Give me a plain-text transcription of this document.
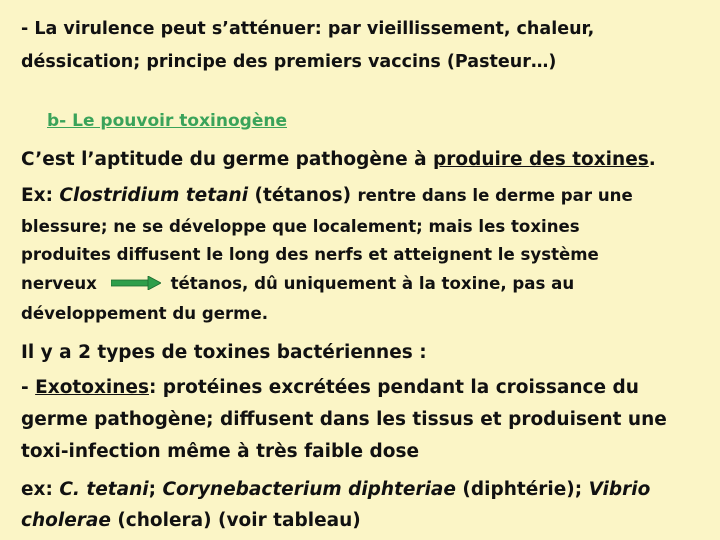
- La virulence peut s’atténuer: par vieillissement, chaleur,
déssication; principe des premiers vaccins (Pasteur…)
b- Le pouvoir toxinogène
C’est l’aptitude du germe pathogène à produire des toxines.
Ex: Clostridium tetani (tétanos) rentre dans le derme par une
blessure; ne se développe que localement; mais les toxines
produites diffusent le long des nerfs et atteignent le système
nerveux	tétanos, dû uniquement à la toxine, pas au
développement du germe.
Il y a 2 types de toxines bactériennes :
- Exotoxines: protéines excrétées pendant la croissance du
germe pathogène; diffusent dans les tissus et produisent une
toxi-infection même à très faible dose
ex: C. tetani; Corynebacterium diphteriae (diphtérie); Vibrio
cholerae (cholera) (voir tableau)
